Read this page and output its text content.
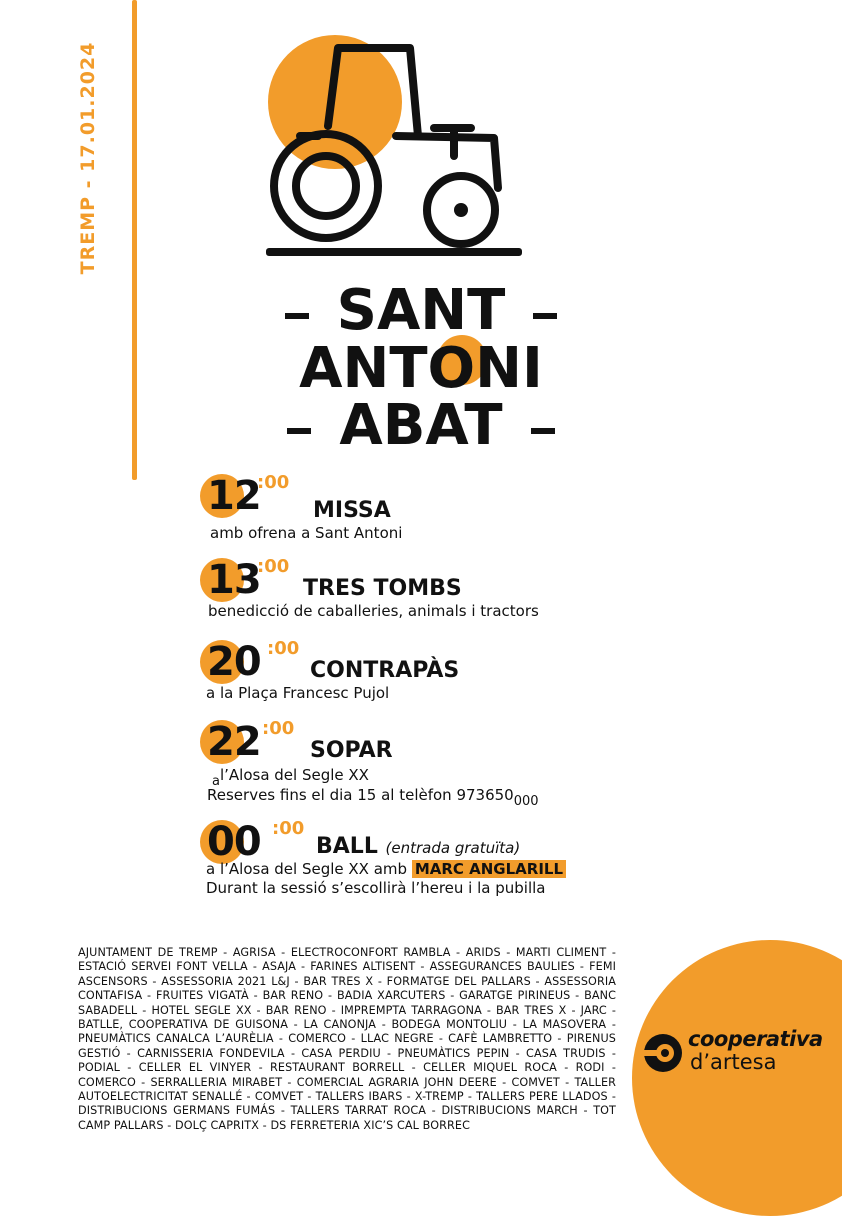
TREMP - 17.01.2024
SANT
ANTONI
ABAT
12
:00
MISSA
amb ofrena a Sant Antoni
13
:00
TRES TOMBS
benedicció de caballeries, animals i tractors
20 :00
CONTRAPÀS
a la Plaça Francesc Pujol
22 :00
SOPAR
al’Alosa del Segle XX
Reserves fins el dia 15 al telèfon 973650000
00 :00
BALL (entrada gratuïta)
a l’Alosa del Segle XX amb MARC ANGLARILL
Durant la sessió s’escollirà l’hereu i la pubilla
AJUNTAMENT DE TREMP - AGRISA - ELECTROCONFORT RAMBLA - ARIDS - MARTI CLIMENT - ESTACIÓ SERVEI FONT VELLA - ASAJA - FARINES ALTISENT - ASSEGURANCES BAULIES - FEMI ASCENSORS - ASSESSORIA 2021 L&J - BAR TRES X - FORMATGE DEL PALLARS - ASSESSORIA CONTAFISA - FRUITES VIGATÀ - BAR RENO - BADIA XARCUTERS - GARATGE PIRINEUS - BANC SABADELL - HOTEL SEGLE XX - BAR RENO - IMPREMPTA TARRAGONA - BAR TRES X - JARC - BATLLE, COOPERATIVA DE GUISONA - LA CANONJA - BODEGA MONTOLIU - LA MASOVERA - PNEUMÀTICS CANALCA L’AURÈLIA - COMERCO - LLAC NEGRE - CAFÈ LAMBRETTO - PIRENUS GESTIÓ - CARNISSERIA FONDEVILA - CASA PERDIU - PNEUMÀTICS PEPIN - CASA TRUDIS - PODIAL - CELLER EL VINYER - RESTAURANT BORRELL - CELLER MIQUEL ROCA - RODI - COMERCO - SERRALLERIA MIRABET - COMERCIAL AGRARIA JOHN DEERE - COMVET - TALLER AUTOELECTRICITAT SENALLÉ - COMVET - TALLERS IBARS - X-TREMP - TALLERS PERE LLADOS - DISTRIBUCIONS GERMANS FUMÁS - TALLERS TARRAT ROCA - DISTRIBUCIONS MARCH - TOT CAMP PALLARS - DOLÇ CAPRITX - DS FERRETERIA XIC’S CAL BORREC
cooperativa
d’artesa
